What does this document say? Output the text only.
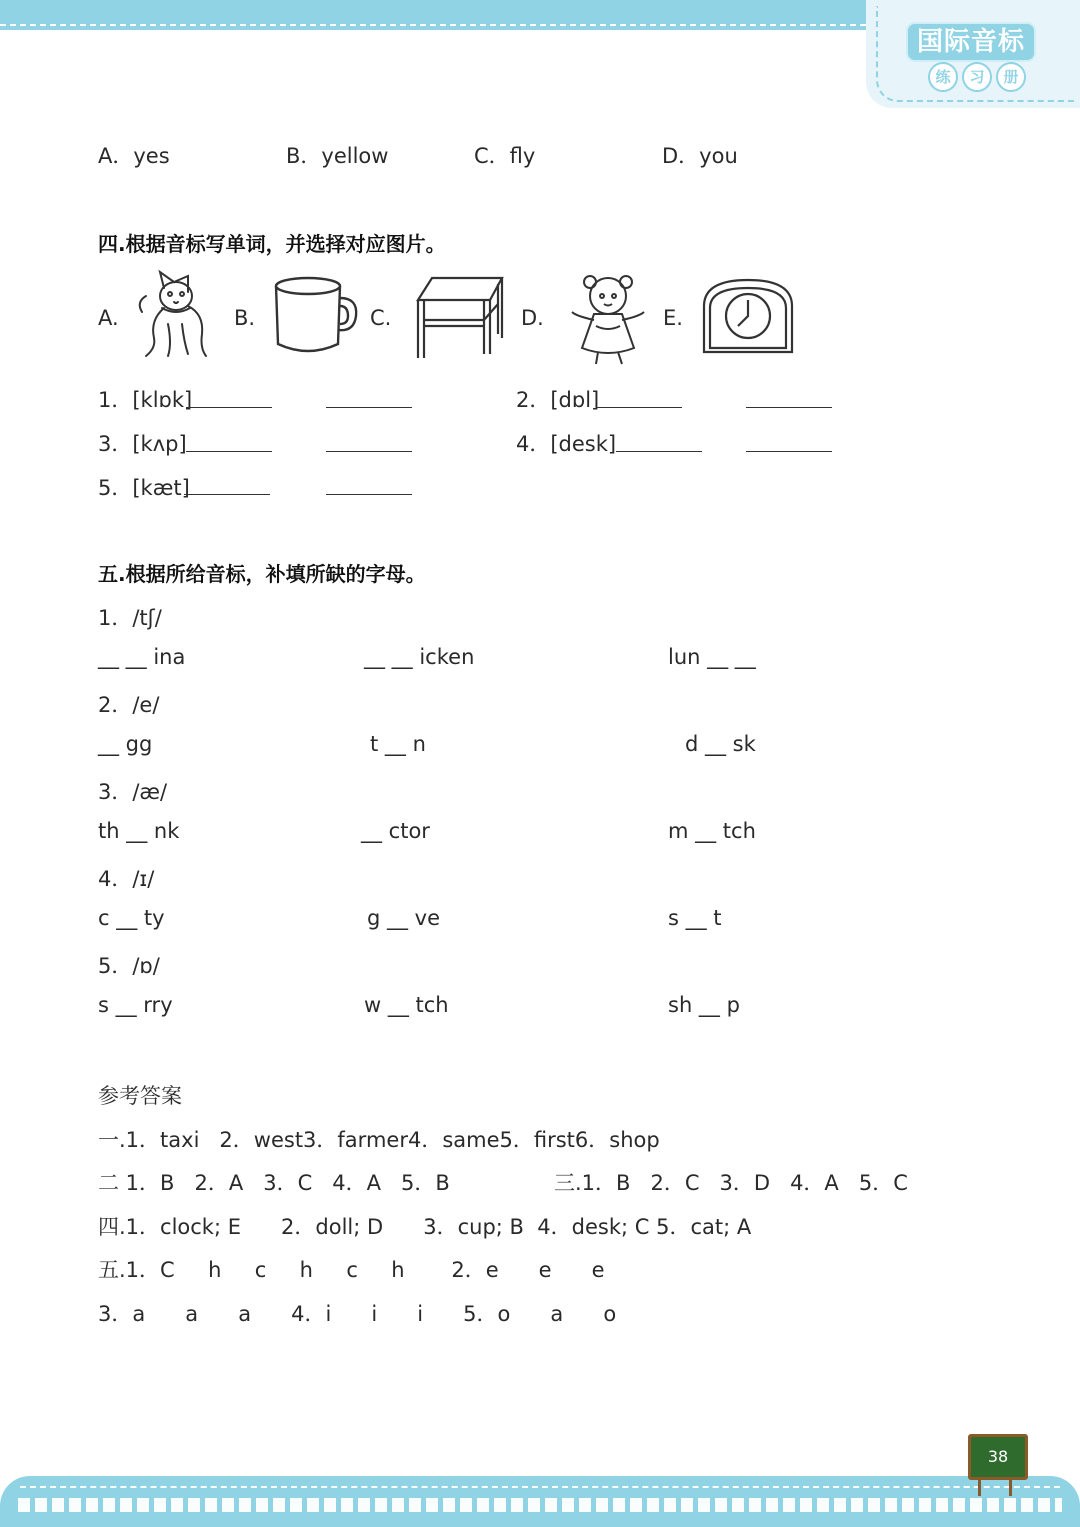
国际音标
练	习	册
A．yes	B．yellow	C．fly	D．you
四.根据音标写单词，并选择对应图片。
A.	B.	C.	D.	E.
1．[klɒk]	2．[dɒl]
3．[kʌp]	4．[desk]
5．[kæt]
五.根据所给音标，补填所缺的字母。
1．/tʃ/
__ __ ina	__ __ icken	lun __ __
2．/e/
__ gg	t __ n	d __ sk
3．/æ/
th __ nk	__ ctor	m __ tch
4．/ɪ/
c __ ty	g __ ve	s __ t
5．/ɒ/
s __ rry	w __ tch	sh __ p
参考答案
一.1．taxi   2．west3．farmer4．same5．first6．shop
二 1．B   2．A   3．C   4．A   5．B	三.1．B   2．C   3．D   4．A   5．C
四.1．clock; E      2．doll; D      3．cup; B  4．desk; C 5．cat; A
五.1．C     h     c     h     c     h       2．e      e      e
3．a      a      a      4．i      i      i      5．o      a      o
38
